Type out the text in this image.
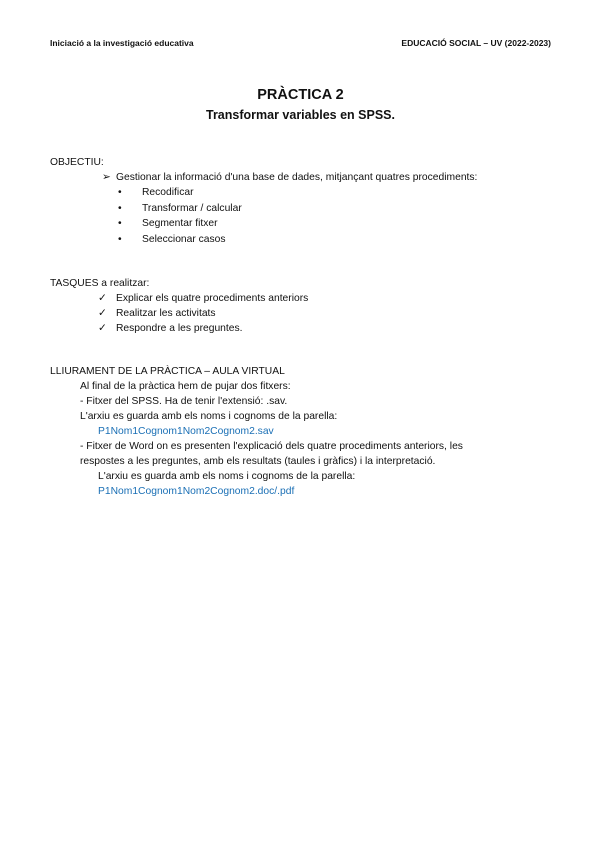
Iniciació a la investigació educativa	EDUCACIÓ SOCIAL – UV (2022-2023)
PRÀCTICA 2
Transformar variables en SPSS.
OBJECTIU:
➢ Gestionar la informació d'una base de dades, mitjançant quatres procediments:
• Recodificar
• Transformar / calcular
• Segmentar fitxer
• Seleccionar casos
TASQUES a realitzar:
✓ Explicar els quatre procediments anteriors
✓ Realitzar les activitats
✓ Respondre a les preguntes.
LLIURAMENT DE LA PRÀCTICA – AULA VIRTUAL
Al final de la pràctica hem de pujar dos fitxers:
- Fitxer del SPSS. Ha de tenir l'extensió: .sav.
L'arxiu es guarda amb els noms i cognoms de la parella:
P1Nom1Cognom1Nom2Cognom2.sav
- Fitxer de Word on es presenten l'explicació dels quatre procediments anteriors, les
respostes a les preguntes, amb els resultats (taules i gràfics) i la interpretació.
L'arxiu es guarda amb els noms i cognoms de la parella:
P1Nom1Cognom1Nom2Cognom2.doc/.pdf
